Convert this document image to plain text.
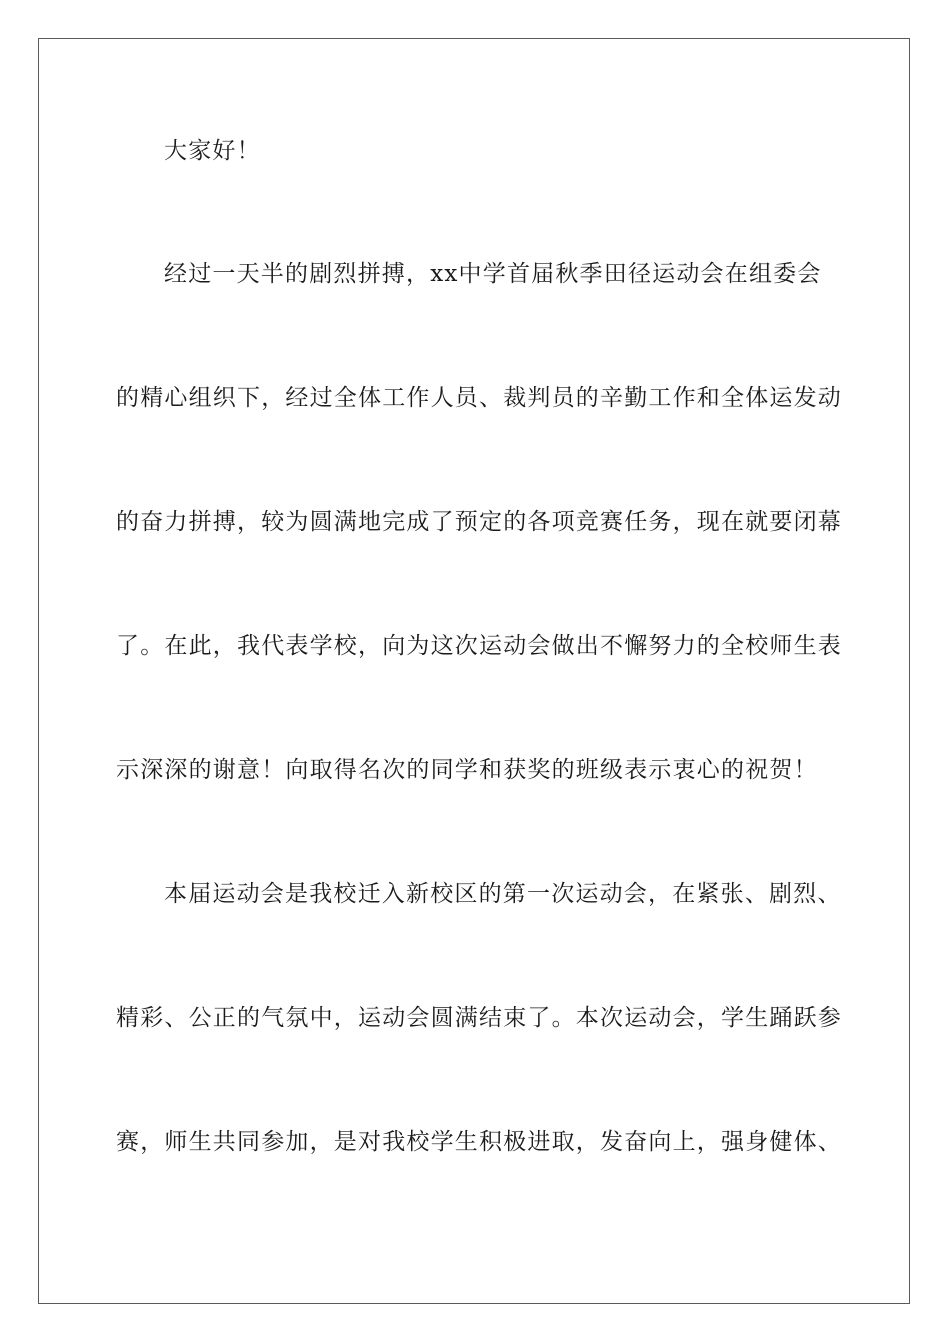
大家好！
经过一天半的剧烈拼搏，xx中学首届秋季田径运动会在组委会
的精心组织下，经过全体工作人员、裁判员的辛勤工作和全体运发动
的奋力拼搏，较为圆满地完成了预定的各项竞赛任务，现在就要闭幕
了。在此，我代表学校，向为这次运动会做出不懈努力的全校师生表
示深深的谢意！向取得名次的同学和获奖的班级表示衷心的祝贺！
本届运动会是我校迁入新校区的第一次运动会，在紧张、剧烈、
精彩、公正的气氛中，运动会圆满结束了。本次运动会，学生踊跃参
赛，师生共同参加，是对我校学生积极进取，发奋向上，强身健体、
